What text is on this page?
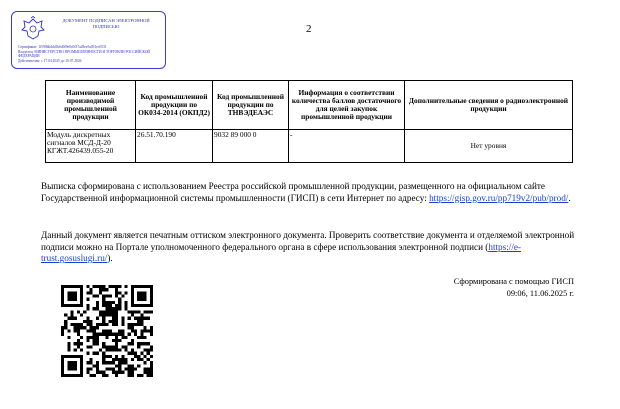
ДОКУМЕНТ ПОДПИСАН ЭЛЕКТРОННОЙ ПОДПИСЬЮ
Сертификат: 1f590bbddd1b6d0f9e8c0f37a28ee5a031ec0531
Владелец: МИНИСТЕРСТВО ПРОМЫШЛЕННОСТИ И ТОРГОВЛИ РОССИЙСКОЙ ФЕДЕРАЦИИ
Действителен: с 17.04.2025 до 10.07.2026
2
Наименование производимой промышленной продукции	Код промышленной продукции по ОК034-2014 (ОКПД2)	Код промышленной продукции по ТНВЭДЕАЭС	Информация о соответствии количества баллов достаточного для целей закупок промышленной продукции	Дополнительные сведения о радиоэлектронной продукции
Модуль дискретных сигналов МСД-Д-20 КГЖТ.426439.055-20	26.51.70.190	9032 89 000 0	-	Нет уровня
Выписка сформирована с использованием Реестра российской промышленной продукции, размещенного на официальном сайте Государственной информационной системы промышленности (ГИСП) в сети Интернет по адресу: https://gisp.gov.ru/pp719v2/pub/prod/.
Данный документ является печатным оттиском электронного документа. Проверить соответствие документа и отделяемой электронной подписи можно на Портале уполномоченного федерального органа в сфере использования электронной подписи (https://e-trust.gosuslugi.ru/).
Сформирована с помощью ГИСП
09:06, 11.06.2025 г.
